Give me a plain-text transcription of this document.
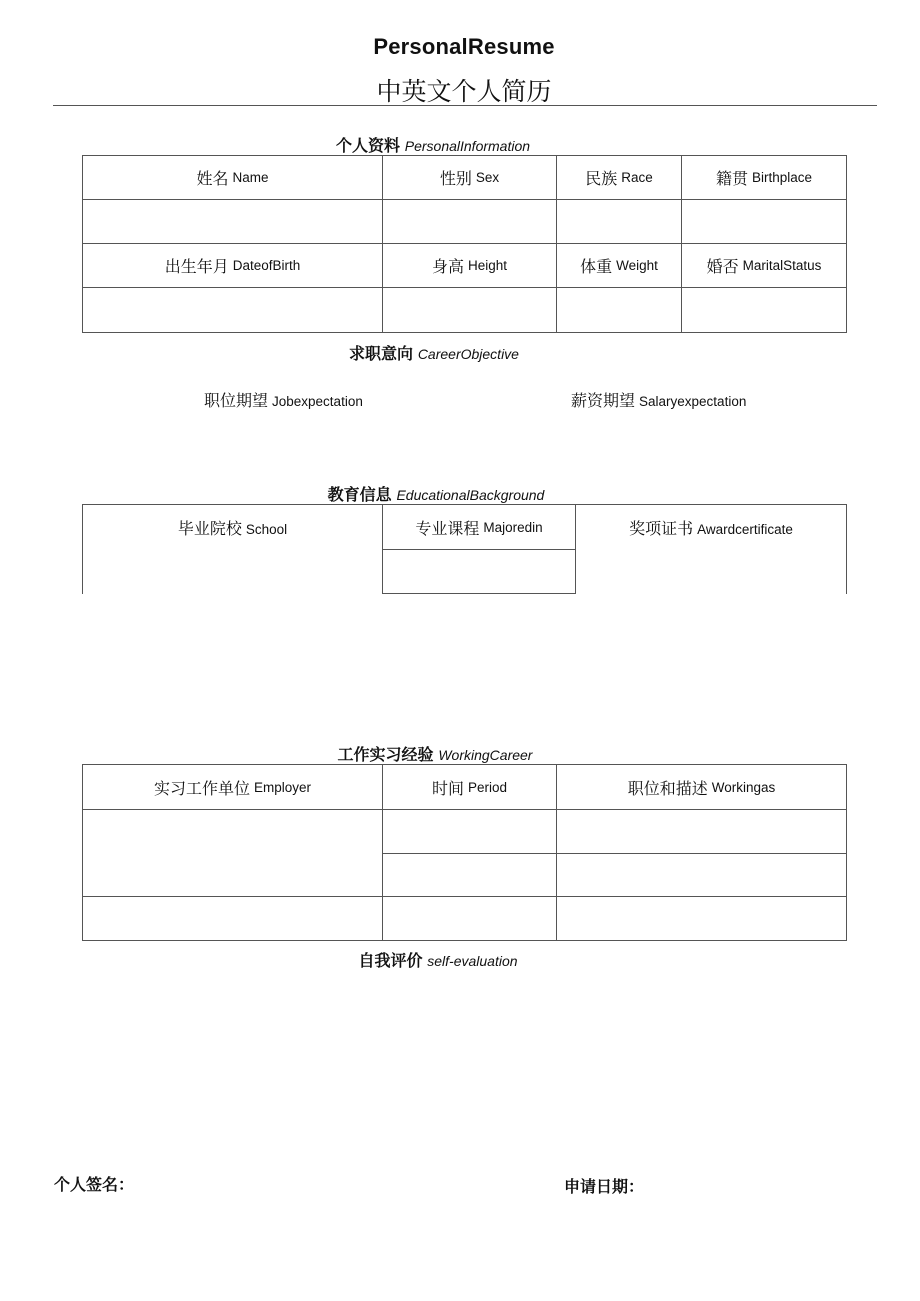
PersonalResume
中英文个人简历
个人资料 PersonalInformation
姓名 Name	性别 Sex	民族 Race	籍贯 Birthplace
出生年月 DateofBirth	身高 Height	体重 Weight	婚否 MaritalStatus
求职意向 CareerObjective
职位期望 Jobexpectation	薪资期望 Salaryexpectation
教育信息 EducationalBackground
毕业院校 School	专业课程 Majoredin	奖项证书 Awardcertificate
工作实习经验 WorkingCareer
实习工作单位 Employer	时间 Period	职位和描述 Workingas
自我评价 self-evaluation
个人签名：	申请日期：
